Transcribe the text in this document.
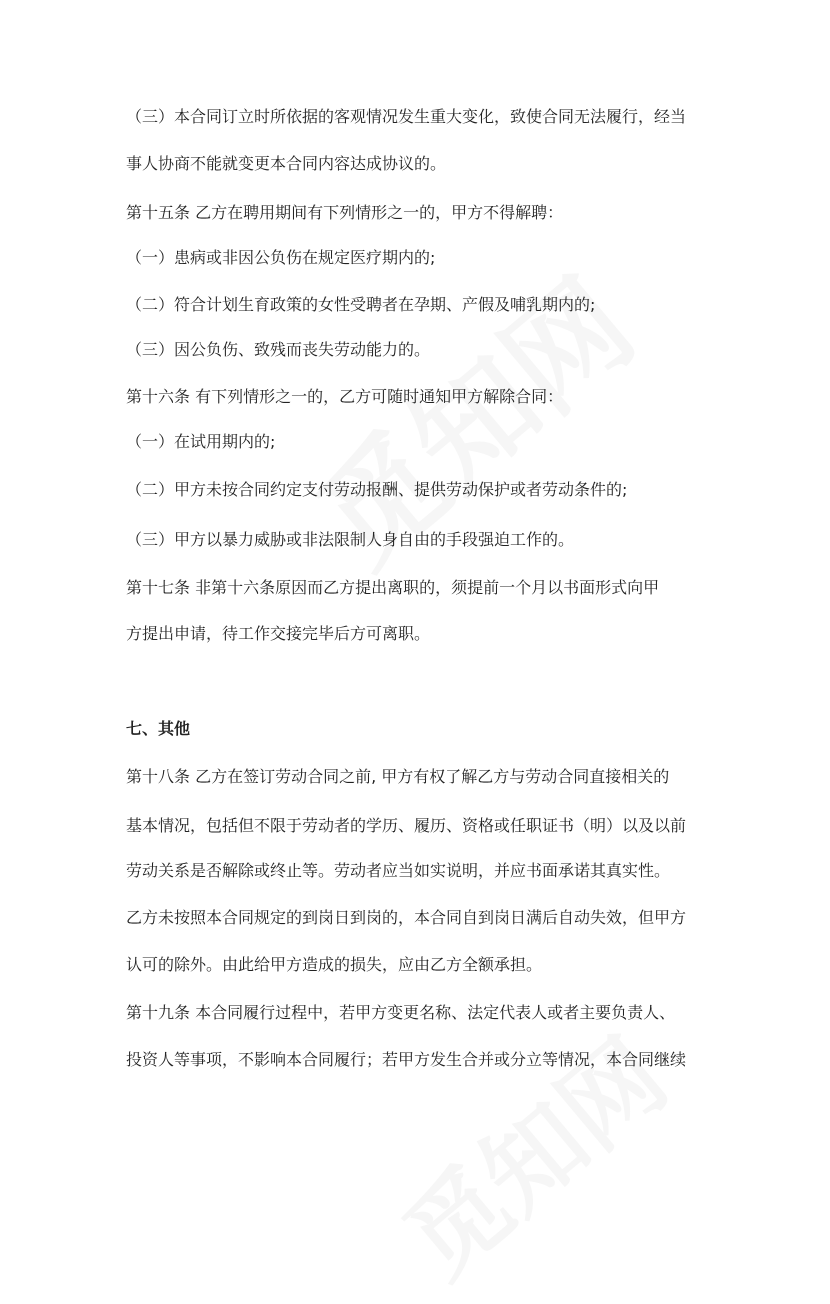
（三）本合同订立时所依据的客观情况发生重大变化，致使合同无法履行，经当
事人协商不能就变更本合同内容达成协议的。
第十五条 乙方在聘用期间有下列情形之一的，甲方不得解聘：
（一）患病或非因公负伤在规定医疗期内的;
（二）符合计划生育政策的女性受聘者在孕期、产假及哺乳期内的;
（三）因公负伤、致残而丧失劳动能力的。
第十六条 有下列情形之一的，乙方可随时通知甲方解除合同：
（一）在试用期内的;
（二）甲方未按合同约定支付劳动报酬、提供劳动保护或者劳动条件的;
（三）甲方以暴力威胁或非法限制人身自由的手段强迫工作的。
第十七条 非第十六条原因而乙方提出离职的，须提前一个月以书面形式向甲
方提出申请，待工作交接完毕后方可离职。
七、其他
第十八条 乙方在签订劳动合同之前, 甲方有权了解乙方与劳动合同直接相关的
基本情况，包括但不限于劳动者的学历、履历、资格或任职证书（明）以及以前
劳动关系是否解除或终止等。劳动者应当如实说明，并应书面承诺其真实性。
乙方未按照本合同规定的到岗日到岗的，本合同自到岗日满后自动失效，但甲方
认可的除外。由此给甲方造成的损失，应由乙方全额承担。
第十九条 本合同履行过程中，若甲方变更名称、法定代表人或者主要负责人、
投资人等事项，不影响本合同履行；若甲方发生合并或分立等情况，本合同继续
